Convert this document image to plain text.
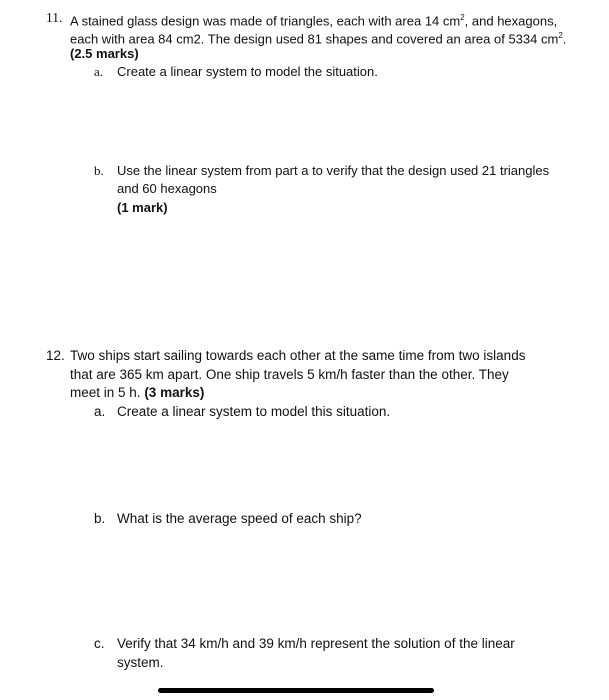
11. A stained glass design was made of triangles, each with area 14 $cm^2$, and hexagons,
each with area 84 cm2. The design used 81 shapes and covered an area of 5334 $cm^2$.
(2.5 marks)
a. Create a linear system to model the situation.
b. Use the linear system from part a to verify that the design used 21 triangles
and 60 hexagons
(1 mark)
12. Two ships start sailing towards each other at the same time from two islands
that are 365 km apart. One ship travels 5 km/h faster than the other. They
meet in 5 h. (3 marks)
a. Create a linear system to model this situation.
b. What is the average speed of each ship?
c. Verify that 34 km/h and 39 km/h represent the solution of the linear
system.
